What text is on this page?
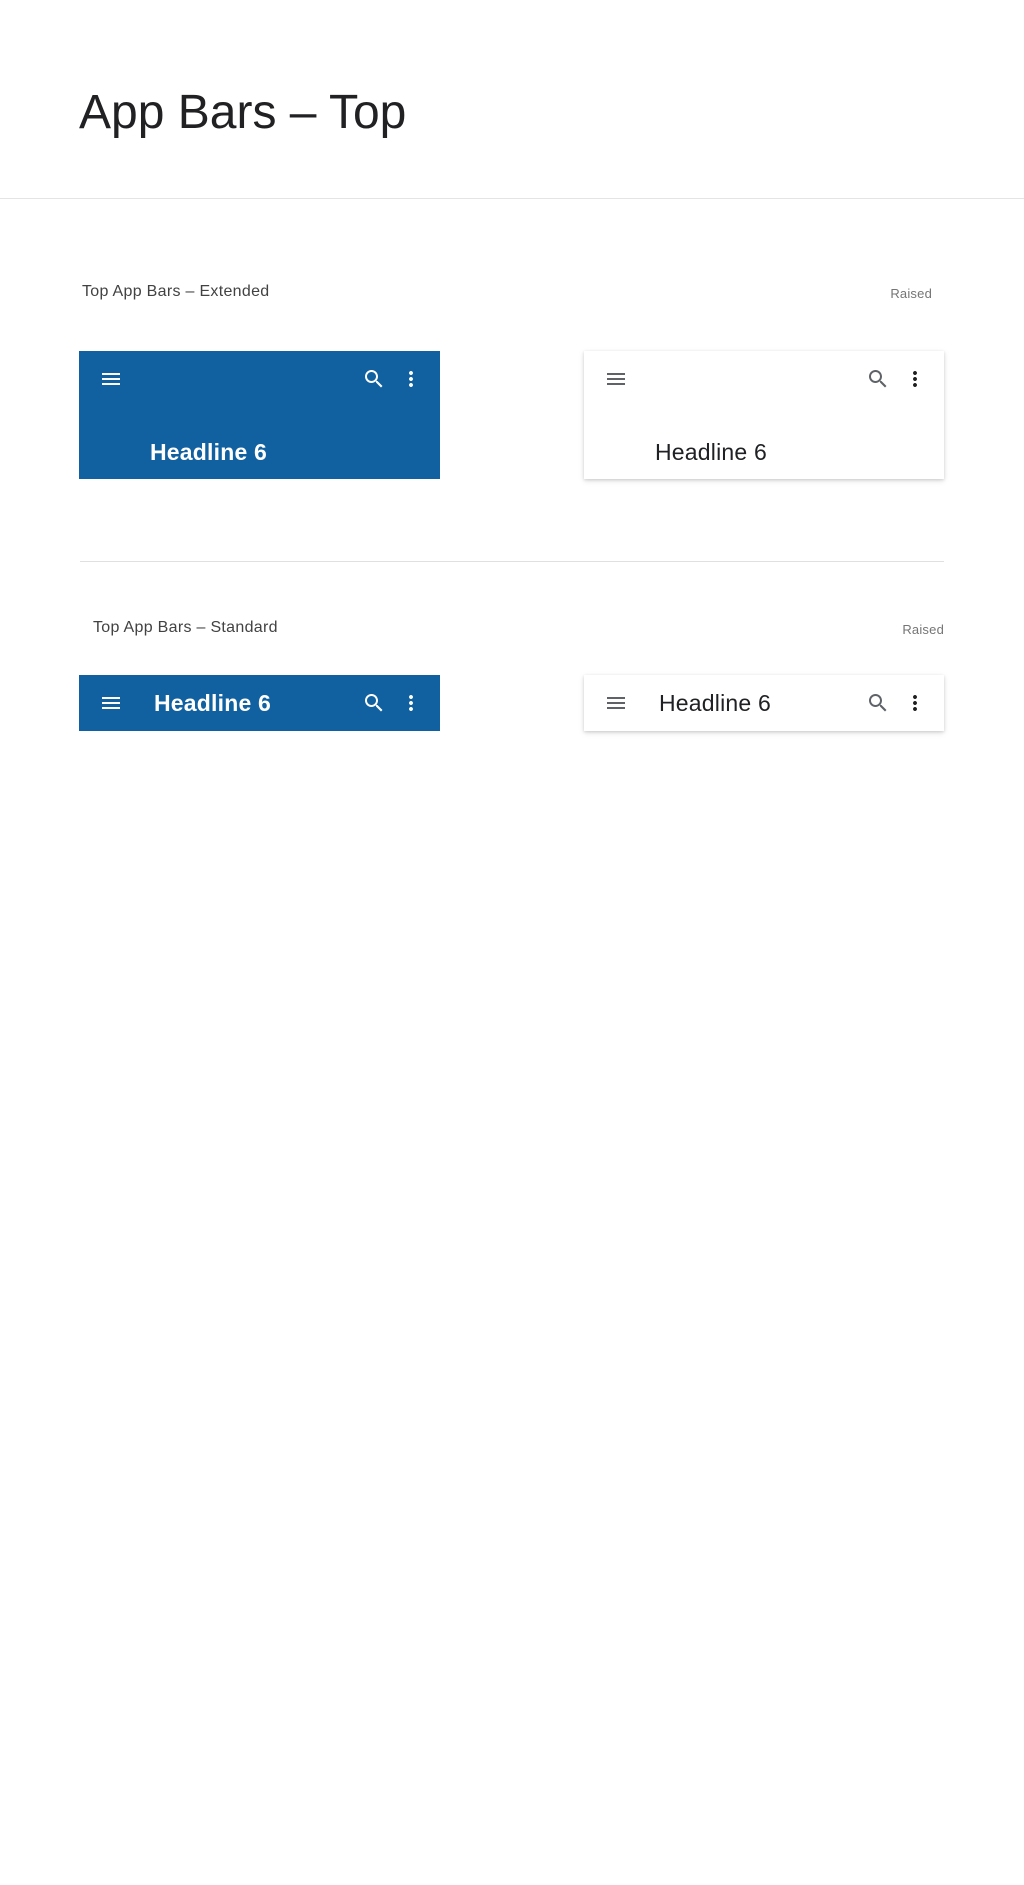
App Bars – Top
Top App Bars – Extended	Raised
Headline 6	Headline 6
Top App Bars – Standard	Raised
Headline 6	Headline 6
